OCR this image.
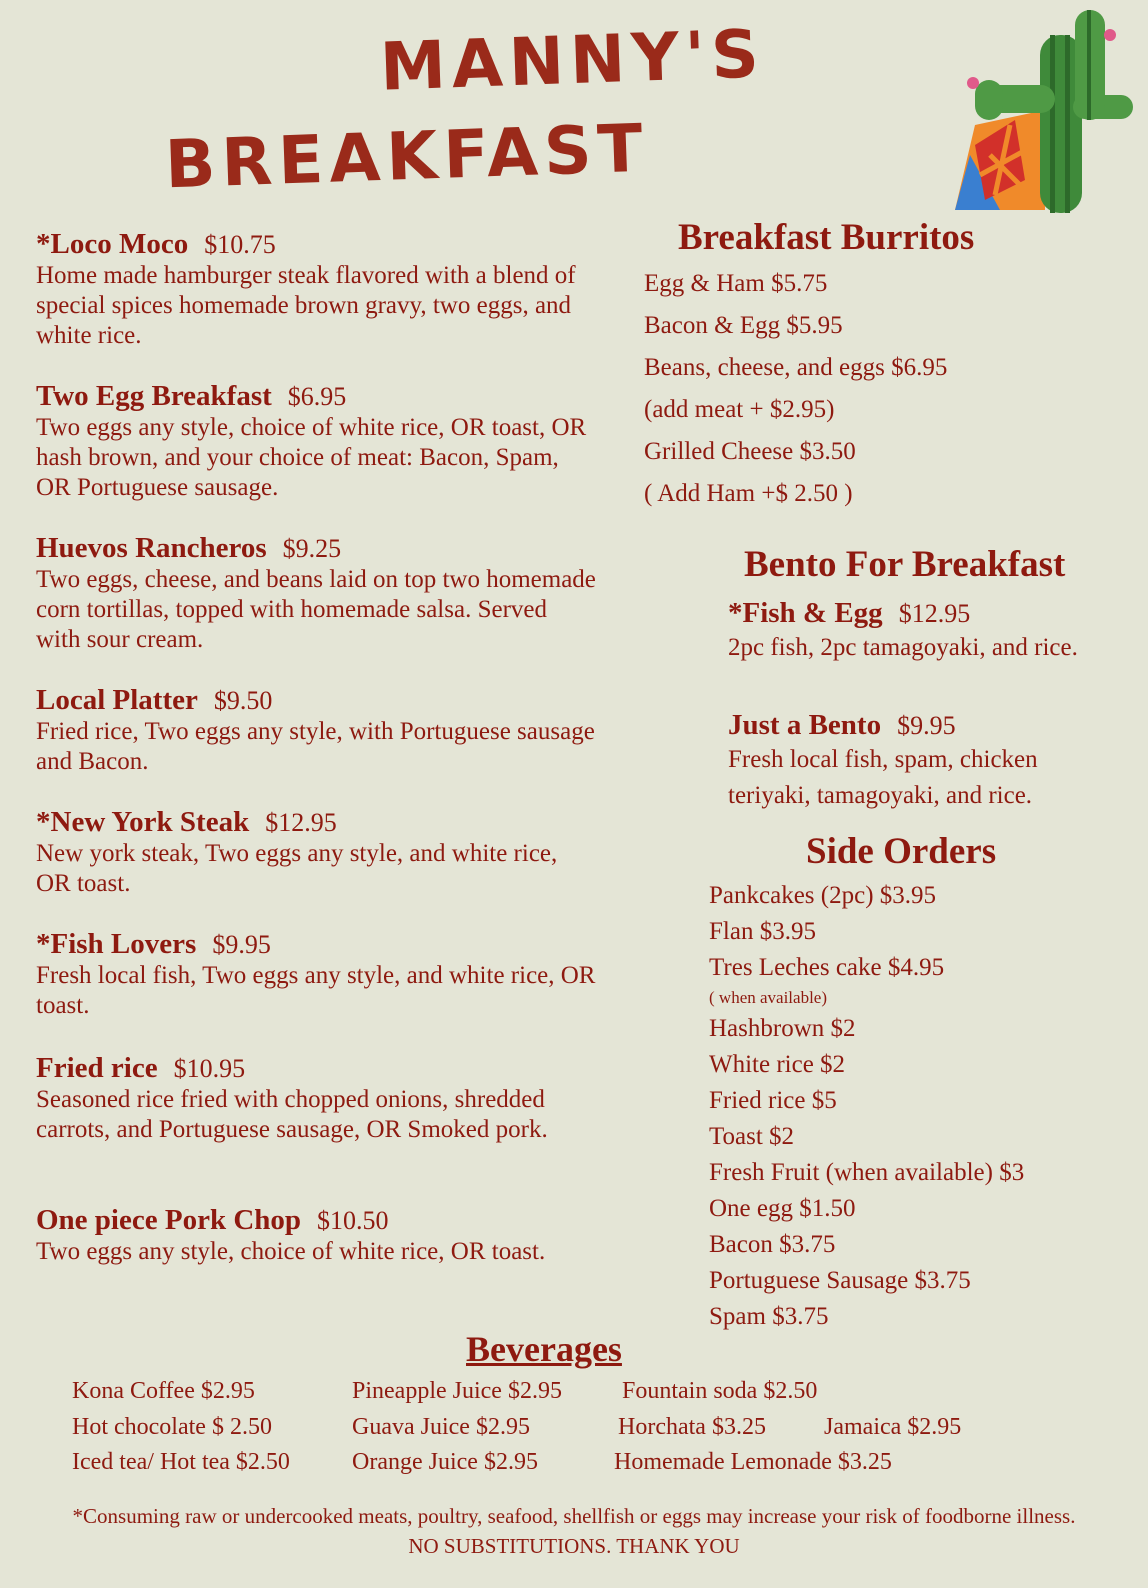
MANNY'S
BREAKFAST
*Loco Moco $10.75
Home made hamburger steak flavored with a blend of special spices homemade brown gravy, two eggs, and white rice.
Two Egg Breakfast $6.95
Two eggs any style, choice of white rice, OR toast, OR hash brown, and your choice of meat: Bacon, Spam, OR Portuguese sausage.
Huevos Rancheros $9.25
Two eggs, cheese, and beans laid on top two homemade corn tortillas, topped with homemade salsa. Served with sour cream.
Local Platter $9.50
Fried rice, Two eggs any style, with Portuguese sausage and Bacon.
*New York Steak $12.95
New york steak, Two eggs any style, and white rice, OR toast.
*Fish Lovers $9.95
Fresh local fish, Two eggs any style, and white rice, OR toast.
Fried rice $10.95
Seasoned rice fried with chopped onions, shredded carrots, and Portuguese sausage, OR Smoked pork.
One piece Pork Chop $10.50
Two eggs any style, choice of white rice, OR toast.
Breakfast Burritos
Egg & Ham $5.75
Bacon & Egg $5.95
Beans, cheese, and eggs $6.95
(add meat + $2.95)
Grilled Cheese $3.50
( Add Ham +$ 2.50 )
Bento For Breakfast
*Fish & Egg $12.95
2pc fish, 2pc tamagoyaki, and rice.
Just a Bento $9.95
Fresh local fish, spam, chicken teriyaki, tamagoyaki, and rice.
Side Orders
Pankcakes (2pc) $3.95
Flan $3.95
Tres Leches cake $4.95
( when available)
Hashbrown $2
White rice $2
Fried rice $5
Toast $2
Fresh Fruit (when available) $3
One egg $1.50
Bacon $3.75
Portuguese Sausage $3.75
Spam $3.75
Beverages
Kona Coffee $2.95	Pineapple Juice $2.95	Fountain soda $2.50
Hot chocolate $ 2.50	Guava Juice $2.95	Horchata $3.25 Jamaica $2.95
Iced tea/ Hot tea $2.50	Orange Juice $2.95	Homemade Lemonade $3.25
*Consuming raw or undercooked meats, poultry, seafood, shellfish or eggs may increase your risk of foodborne illness.
NO SUBSTITUTIONS. THANK YOU
